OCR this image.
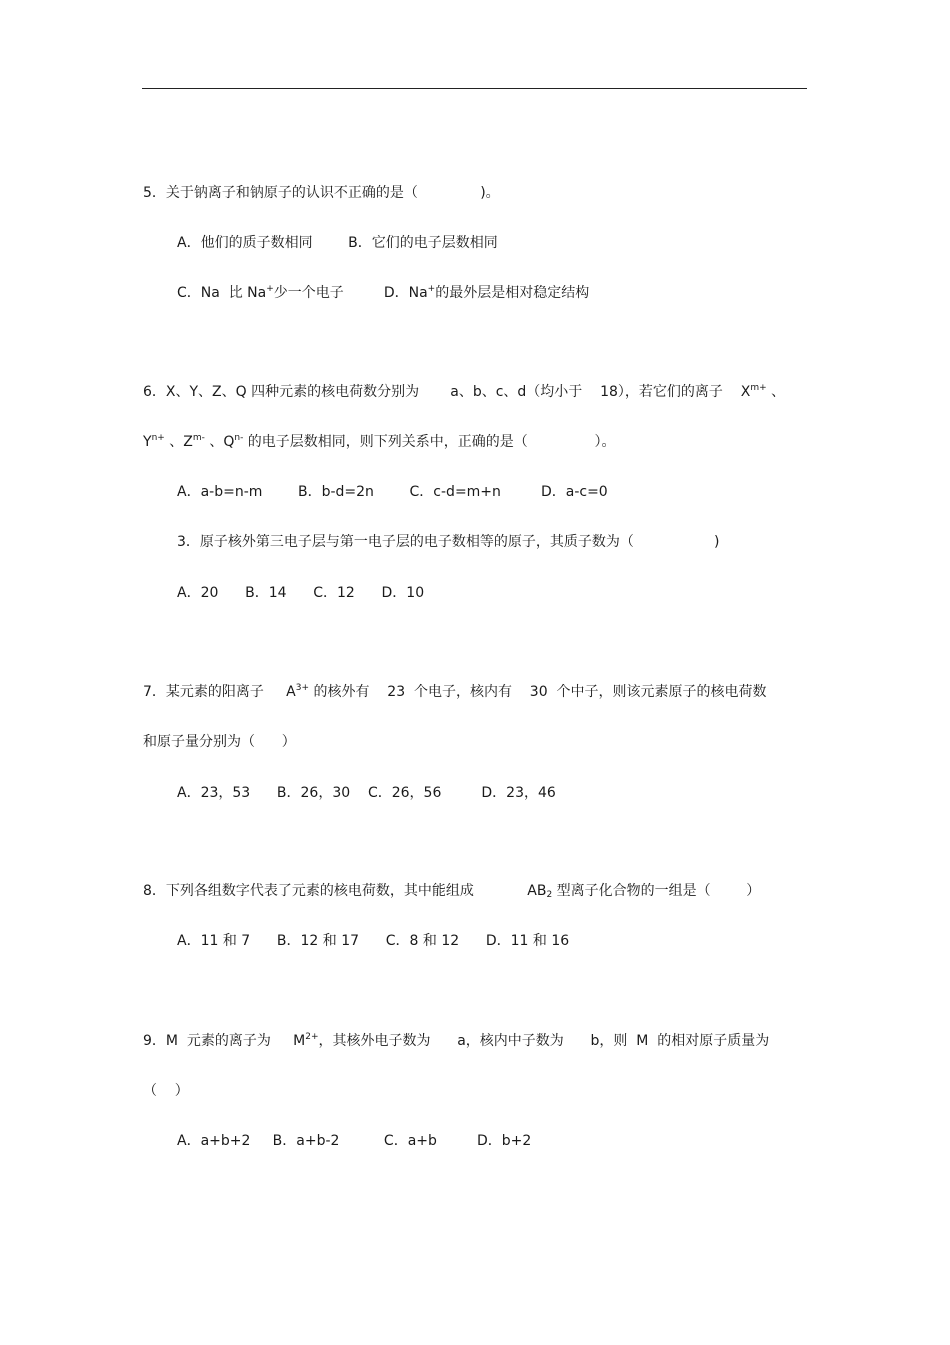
5．关于钠离子和钠原子的认识不正确的是（              )。
A．他们的质子数相同        B．它们的电子层数相同
C．Na  比 Na+少一个电子         D．Na+的最外层是相对稳定结构
6．X、Y、Z、Q 四种元素的核电荷数分别为       a、b、c、d（均小于    18），若它们的离子    $X^{m+}$ 、
$Y^{n+}$ 、$Z^{m-}$ 、$Q^{n-}$ 的电子层数相同，则下列关系中，正确的是（               ）。
A．a-b=n-m        B．b-d=2n        C．c-d=m+n         D．a-c=0
3．原子核外第三电子层与第一电子层的电子数相等的原子，其质子数为（                  )
A．20      B．14      C．12      D．10
7．某元素的阳离子     $A^{3+}$ 的核外有    23  个电子，核内有    30  个中子，则该元素原子的核电荷数
和原子量分别为（      ）
A．23，53      B．26，30    C．26，56         D．23，46
8．下列各组数字代表了元素的核电荷数，其中能组成            $AB_2$ 型离子化合物的一组是（        ）
A．11 和 7      B．12 和 17      C．8 和 12      D．11 和 16
9．M  元素的离子为     $M^{2+}$，其核外电子数为      a，核内中子数为      b，则  M  的相对原子质量为
（    ）
A．a+b+2     B．a+b-2          C．a+b         D．b+2
